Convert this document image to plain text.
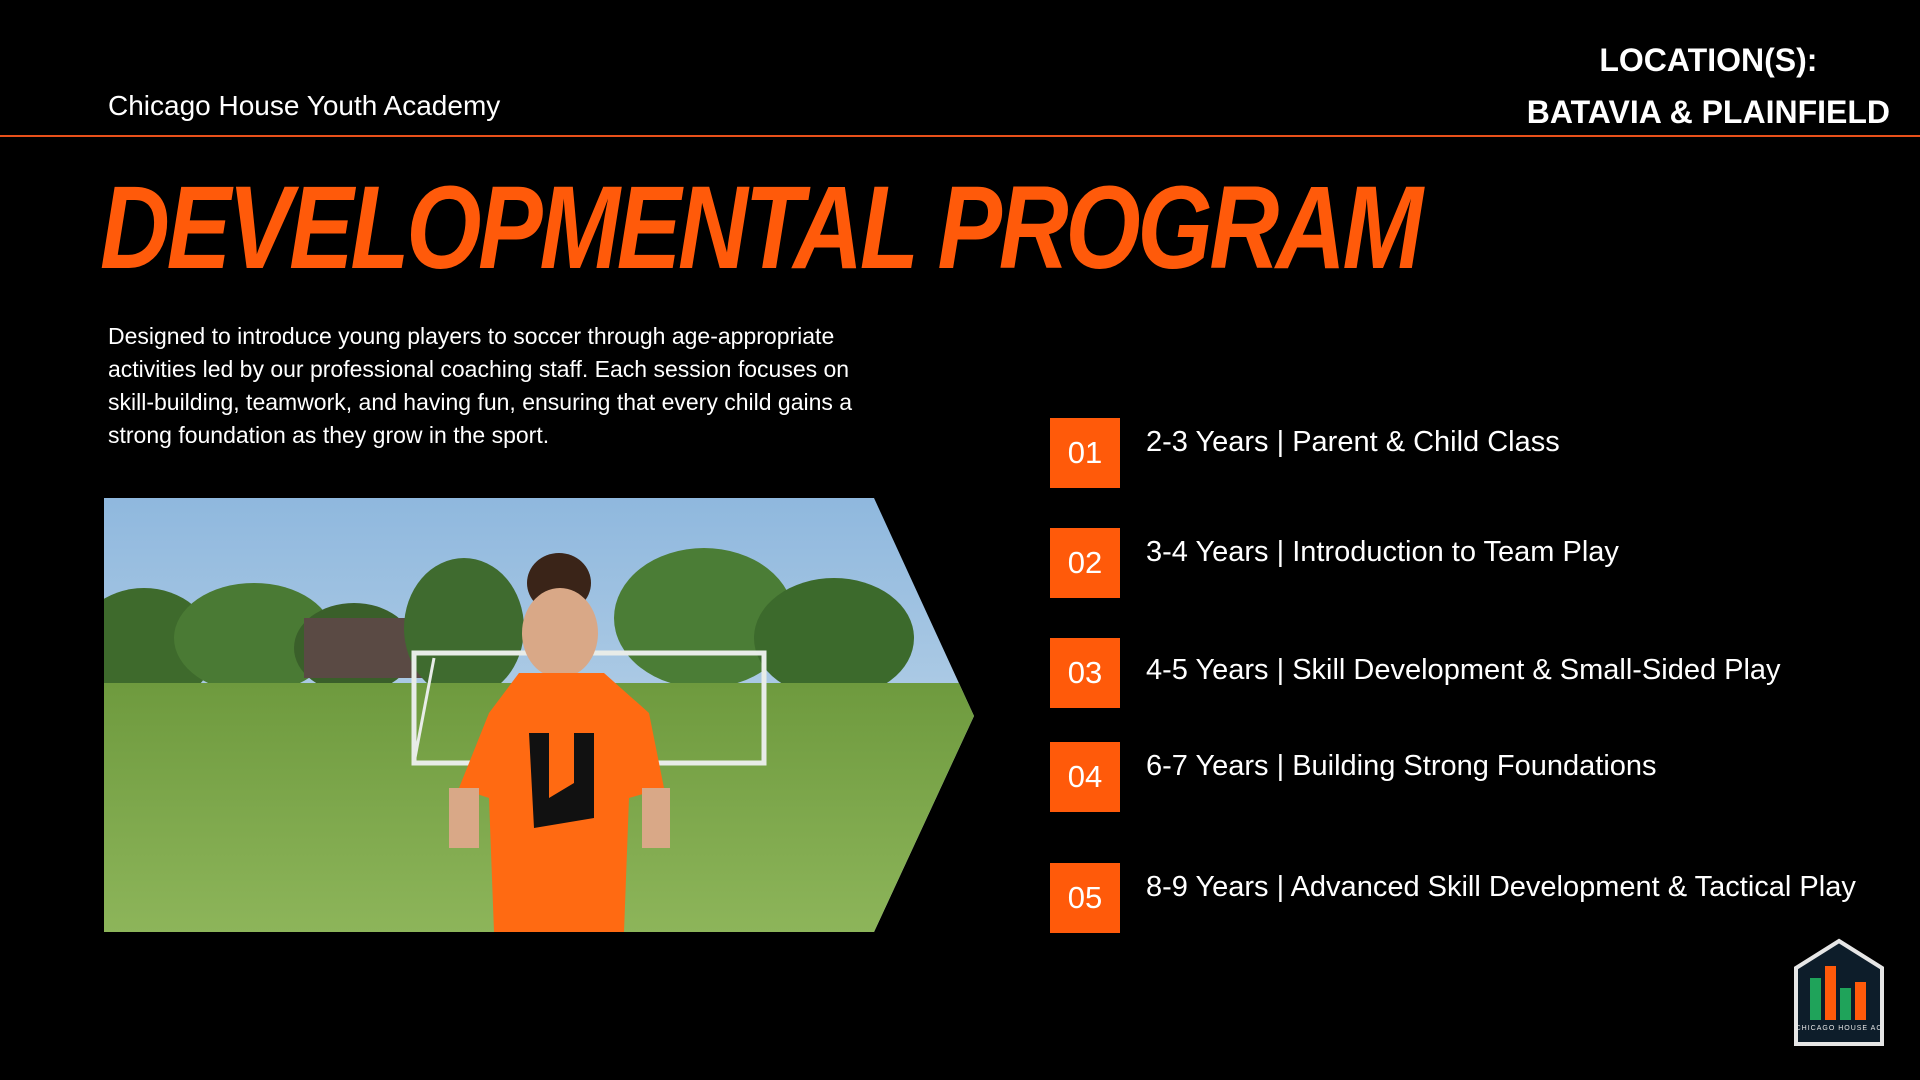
Chicago House Youth Academy
LOCATION(S):
BATAVIA & PLAINFIELD
DEVELOPMENTAL PROGRAM
Designed to introduce young players to soccer through age-appropriate activities led by our professional coaching staff. Each session focuses on skill-building, teamwork, and having fun, ensuring that every child gains a strong foundation as they grow in the sport.	01	2-3 Years | Parent & Child Class
02	3-4 Years | Introduction to Team Play
03	4-5 Years | Skill Development & Small-Sided Play
04	6-7 Years | Building Strong Foundations
05	8-9 Years | Advanced Skill Development & Tactical Play
CHICAGO HOUSE AC
